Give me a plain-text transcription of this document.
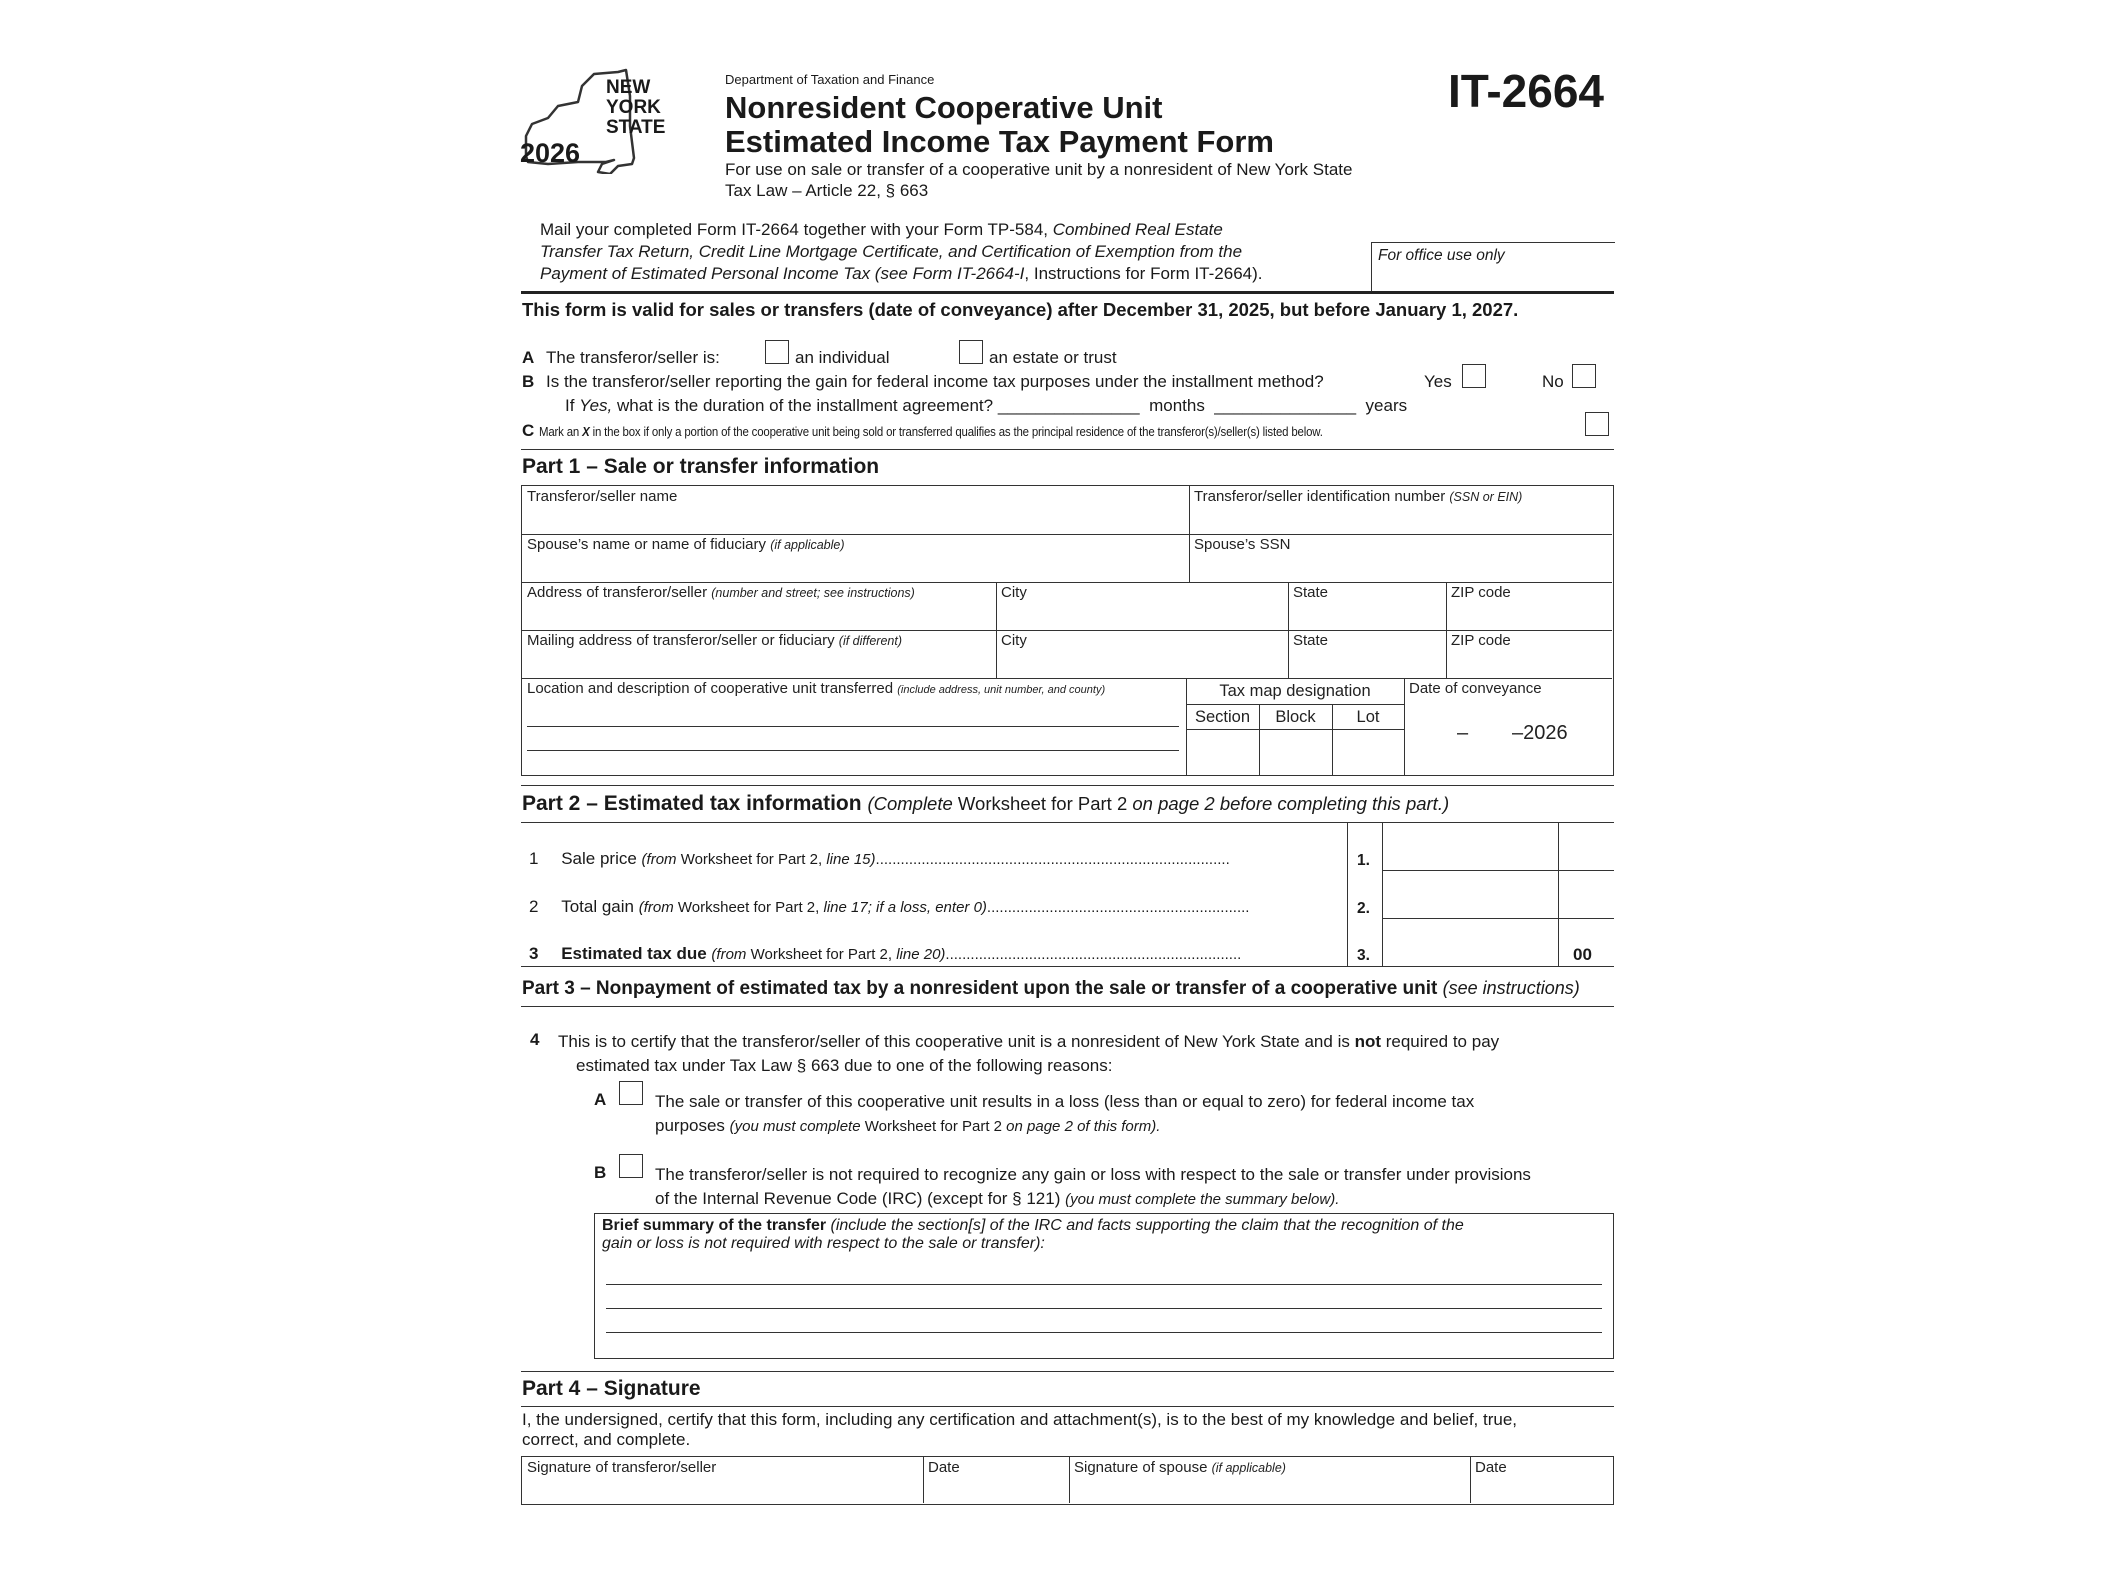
NEW
YORK
STATE
2026
Department of Taxation and Finance
Nonresident Cooperative Unit
Estimated Income Tax Payment Form
For use on sale or transfer of a cooperative unit by a nonresident of New York State
Tax Law – Article 22, § 663
IT-2664
Mail your completed Form IT-2664 together with your Form TP-584, Combined Real Estate
Transfer Tax Return, Credit Line Mortgage Certificate, and Certification of Exemption from the
Payment of Estimated Personal Income Tax (see Form IT-2664-I, Instructions for Form IT-2664).
For office use only
This form is valid for sales or transfers (date of conveyance) after December 31, 2025, but before January 1, 2027.
A The transferor/seller is:	an individual	an estate or trust
B Is the transferor/seller reporting the gain for federal income tax purposes under the installment method?	Yes	No
If Yes, what is the duration of the installment agreement? _______________  months  _______________  years
C Mark an X in the box if only a portion of the cooperative unit being sold or transferred qualifies as the principal residence of the transferor(s)/seller(s) listed below.
Part 1 – Sale or transfer information
Transferor/seller name	Transferor/seller identification number (SSN or EIN)
Spouse’s name or name of fiduciary (if applicable)	Spouse’s SSN
Address of transferor/seller (number and street; see instructions)	City	State	ZIP code
Mailing address of transferor/seller or fiduciary (if different)	City	State	ZIP code
Location and description of cooperative unit transferred (include address, unit number, and county)	Tax map designation
Section	Block	Lot
Date of conveyance
– –2026
Part 2 – Estimated tax information (Complete Worksheet for Part 2 on page 2 before completing this part.)
1 Sale price (from Worksheet for Part 2, line 15).....................................................................................	1.
2 Total gain (from Worksheet for Part 2, line 17; if a loss, enter 0)...............................................................	2.
3 Estimated tax due (from Worksheet for Part 2, line 20).......................................................................	3.	00
Part 3 – Nonpayment of estimated tax by a nonresident upon the sale or transfer of a cooperative unit (see instructions)
4 This is to certify that the transferor/seller of this cooperative unit is a nonresident of New York State and is not required to pay
estimated tax under Tax Law § 663 due to one of the following reasons:
A	The sale or transfer of this cooperative unit results in a loss (less than or equal to zero) for federal income tax
purposes (you must complete Worksheet for Part 2 on page 2 of this form).
B	The transferor/seller is not required to recognize any gain or loss with respect to the sale or transfer under provisions
of the Internal Revenue Code (IRC) (except for § 121) (you must complete the summary below).
Brief summary of the transfer (include the section[s] of the IRC and facts supporting the claim that the recognition of the
gain or loss is not required with respect to the sale or transfer):
Part 4 – Signature
I, the undersigned, certify that this form, including any certification and attachment(s), is to the best of my knowledge and belief, true,
correct, and complete.
Signature of transferor/seller	Date	Signature of spouse (if applicable)	Date
